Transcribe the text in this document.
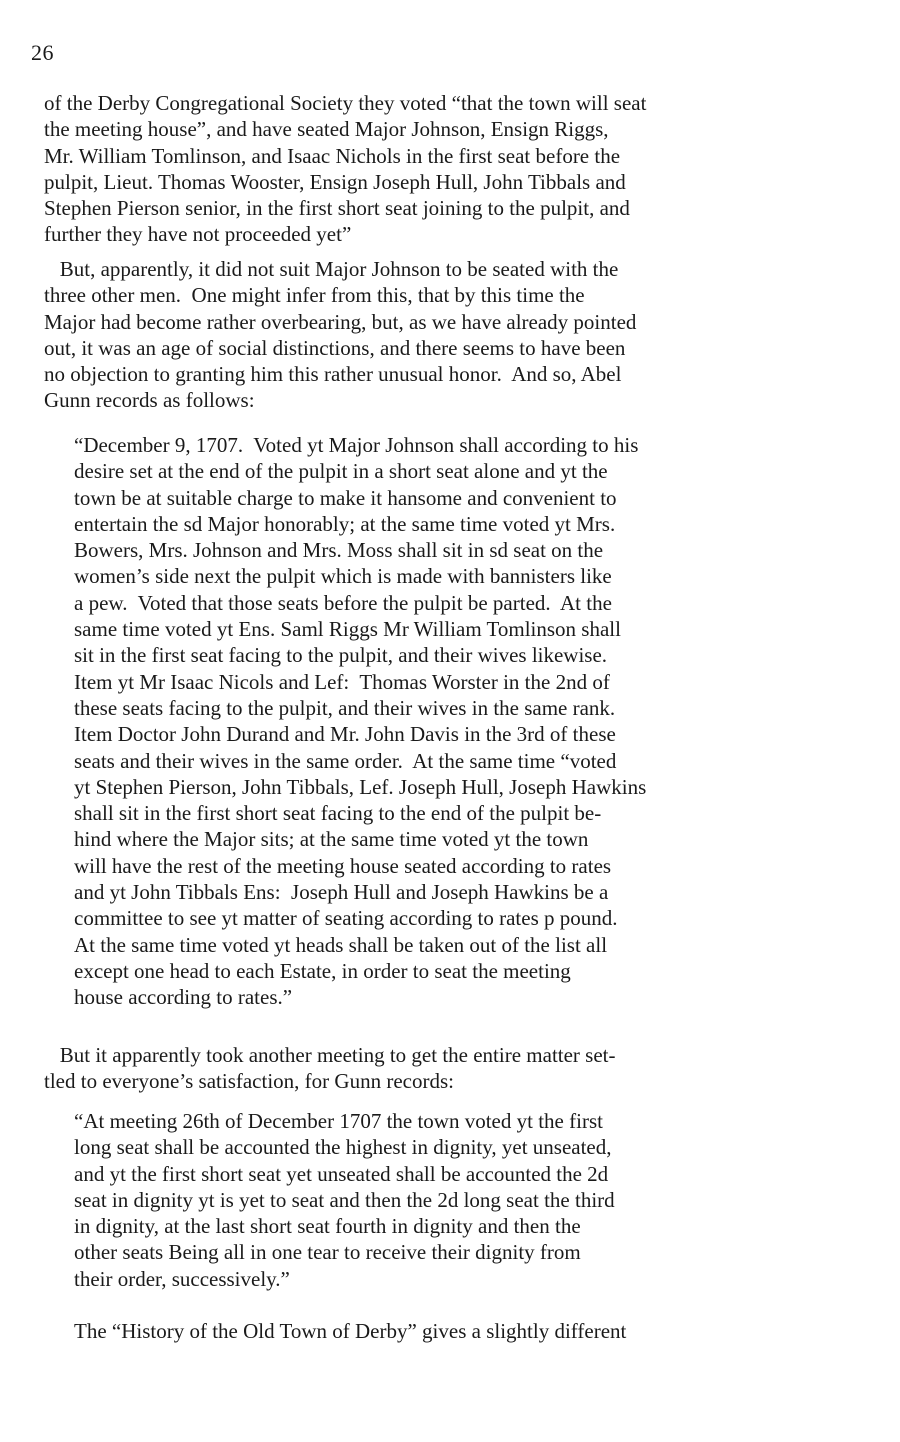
26

of the Derby Congregational Society they voted “that the town will seat
the meeting house”, and have seated Major Johnson, Ensign Riggs,
Mr. William Tomlinson, and Isaac Nichols in the first seat before the
pulpit, Lieut. Thomas Wooster, Ensign Joseph Hull, John Tibbals and
Stephen Pierson senior, in the first short seat joining to the pulpit, and
further they have not proceeded yet”

But, apparently, it did not suit Major Johnson to be seated with the
three other men.  One might infer from this, that by this time the
Major had become rather overbearing, but, as we have already pointed
out, it was an age of social distinctions, and there seems to have been
no objection to granting him this rather unusual honor.  And so, Abel
Gunn records as follows:

“December 9, 1707.  Voted yt Major Johnson shall according to his
desire set at the end of the pulpit in a short seat alone and yt the
town be at suitable charge to make it hansome and convenient to
entertain the sd Major honorably; at the same time voted yt Mrs.
Bowers, Mrs. Johnson and Mrs. Moss shall sit in sd seat on the
women’s side next the pulpit which is made with bannisters like
a pew.  Voted that those seats before the pulpit be parted.  At the
same time voted yt Ens. Saml Riggs Mr William Tomlinson shall
sit in the first seat facing to the pulpit, and their wives likewise.
Item yt Mr Isaac Nicols and Lef:  Thomas Worster in the 2nd of
these seats facing to the pulpit, and their wives in the same rank.
Item Doctor John Durand and Mr. John Davis in the 3rd of these
seats and their wives in the same order.  At the same time “voted
yt Stephen Pierson, John Tibbals, Lef. Joseph Hull, Joseph Hawkins
shall sit in the first short seat facing to the end of the pulpit be-
hind where the Major sits; at the same time voted yt the town
will have the rest of the meeting house seated according to rates
and yt John Tibbals Ens:  Joseph Hull and Joseph Hawkins be a
committee to see yt matter of seating according to rates p pound.
At the same time voted yt heads shall be taken out of the list all
except one head to each Estate, in order to seat the meeting
house according to rates.”

But it apparently took another meeting to get the entire matter set-
tled to everyone’s satisfaction, for Gunn records:

“At meeting 26th of December 1707 the town voted yt the first
long seat shall be accounted the highest in dignity, yet unseated,
and yt the first short seat yet unseated shall be accounted the 2d
seat in dignity yt is yet to seat and then the 2d long seat the third
in dignity, at the last short seat fourth in dignity and then the
other seats Being all in one tear to receive their dignity from
their order, successively.”

The “History of the Old Town of Derby” gives a slightly different
